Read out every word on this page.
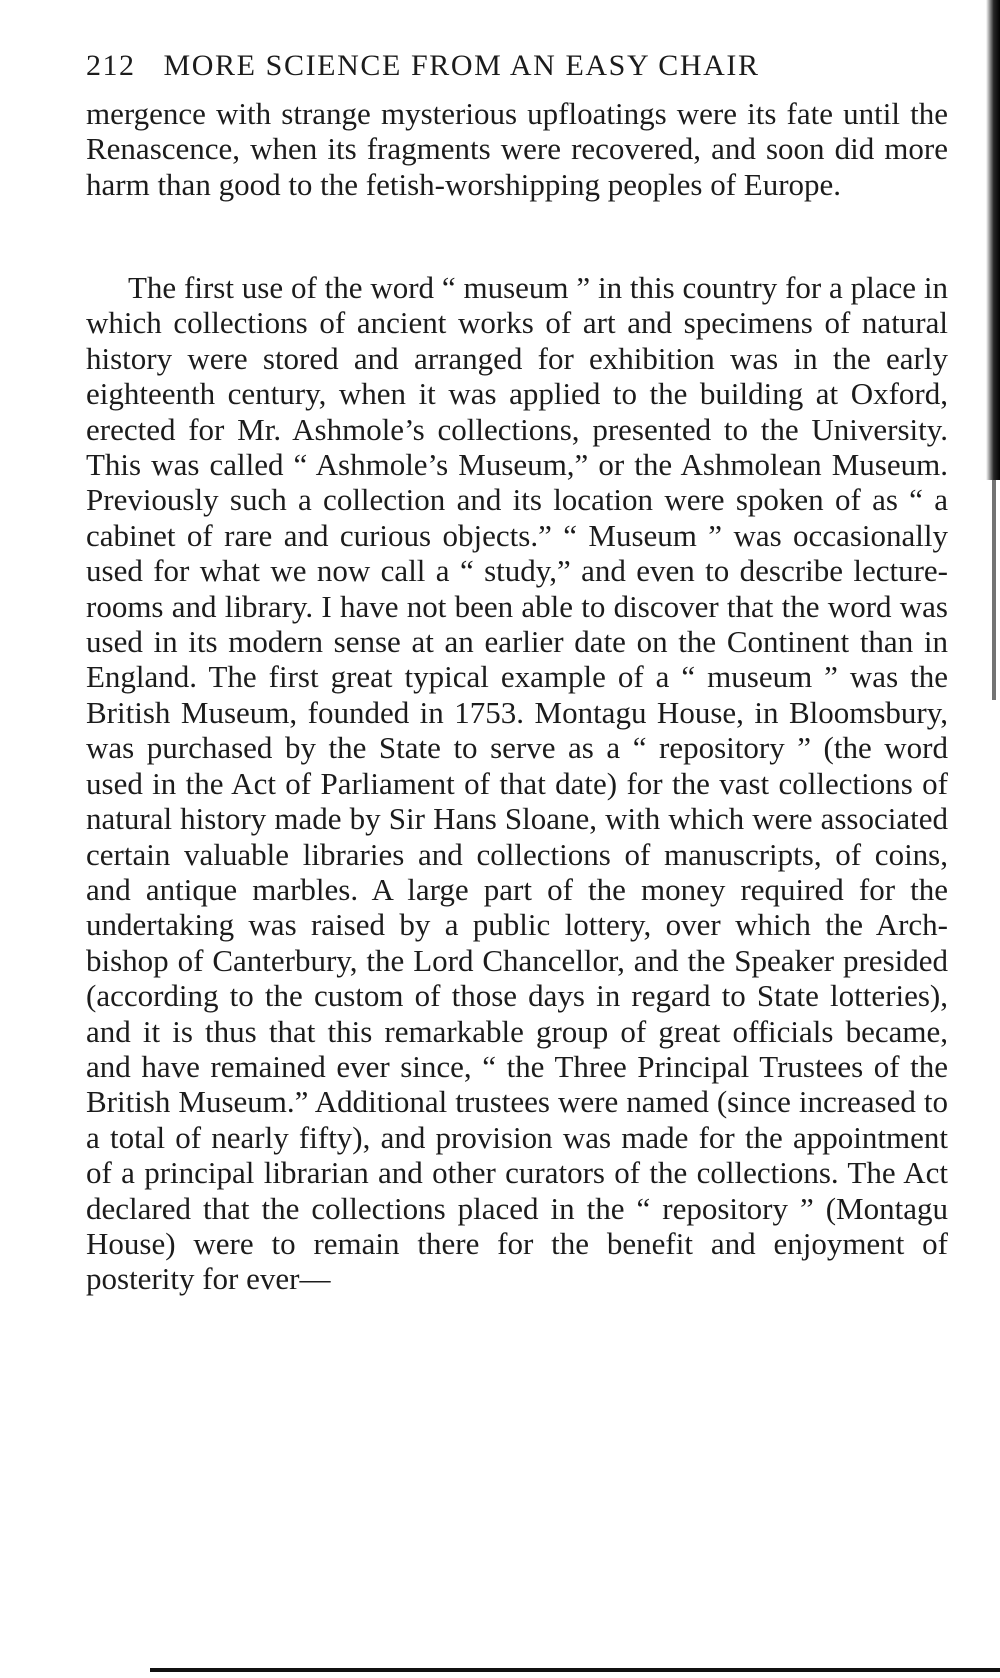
212 MORE SCIENCE FROM AN EASY CHAIR

mergence with strange mysterious upfloatings were its fate until the Renascence, when its fragments were recovered, and soon did more harm than good to the fetish-worshipping peoples of Europe.

The first use of the word “ museum ” in this country for a place in which collections of ancient works of art and specimens of natural history were stored and arranged for exhibition was in the early eighteenth century, when it was applied to the building at Oxford, erected for Mr. Ashmole’s collections, presented to the University. This was called “ Ashmole’s Museum,” or the Ashmolean Museum. Previously such a collection and its location were spoken of as “ a cabinet of rare and curious objects.” “ Museum ” was occasionally used for what we now call a “ study,” and even to describe lecture-rooms and library. I have not been able to discover that the word was used in its modern sense at an earlier date on the Continent than in England. The first great typical example of a “ museum ” was the British Museum, founded in 1753. Montagu House, in Bloomsbury, was purchased by the State to serve as a “ repository ” (the word used in the Act of Parliament of that date) for the vast collections of natural history made by Sir Hans Sloane, with which were associated certain valuable libraries and collections of manuscripts, of coins, and antique marbles. A large part of the money required for the undertaking was raised by a public lottery, over which the Archbishop of Canterbury, the Lord Chancellor, and the Speaker presided (according to the custom of those days in regard to State lotteries), and it is thus that this remarkable group of great officials became, and have remained ever since, “ the Three Principal Trustees of the British Museum.” Additional trustees were named (since increased to a total of nearly fifty), and provision was made for the appointment of a principal librarian and other curators of the collections. The Act declared that the collections placed in the “ repository ” (Montagu House) were to remain there for the benefit and enjoyment of posterity for ever—
